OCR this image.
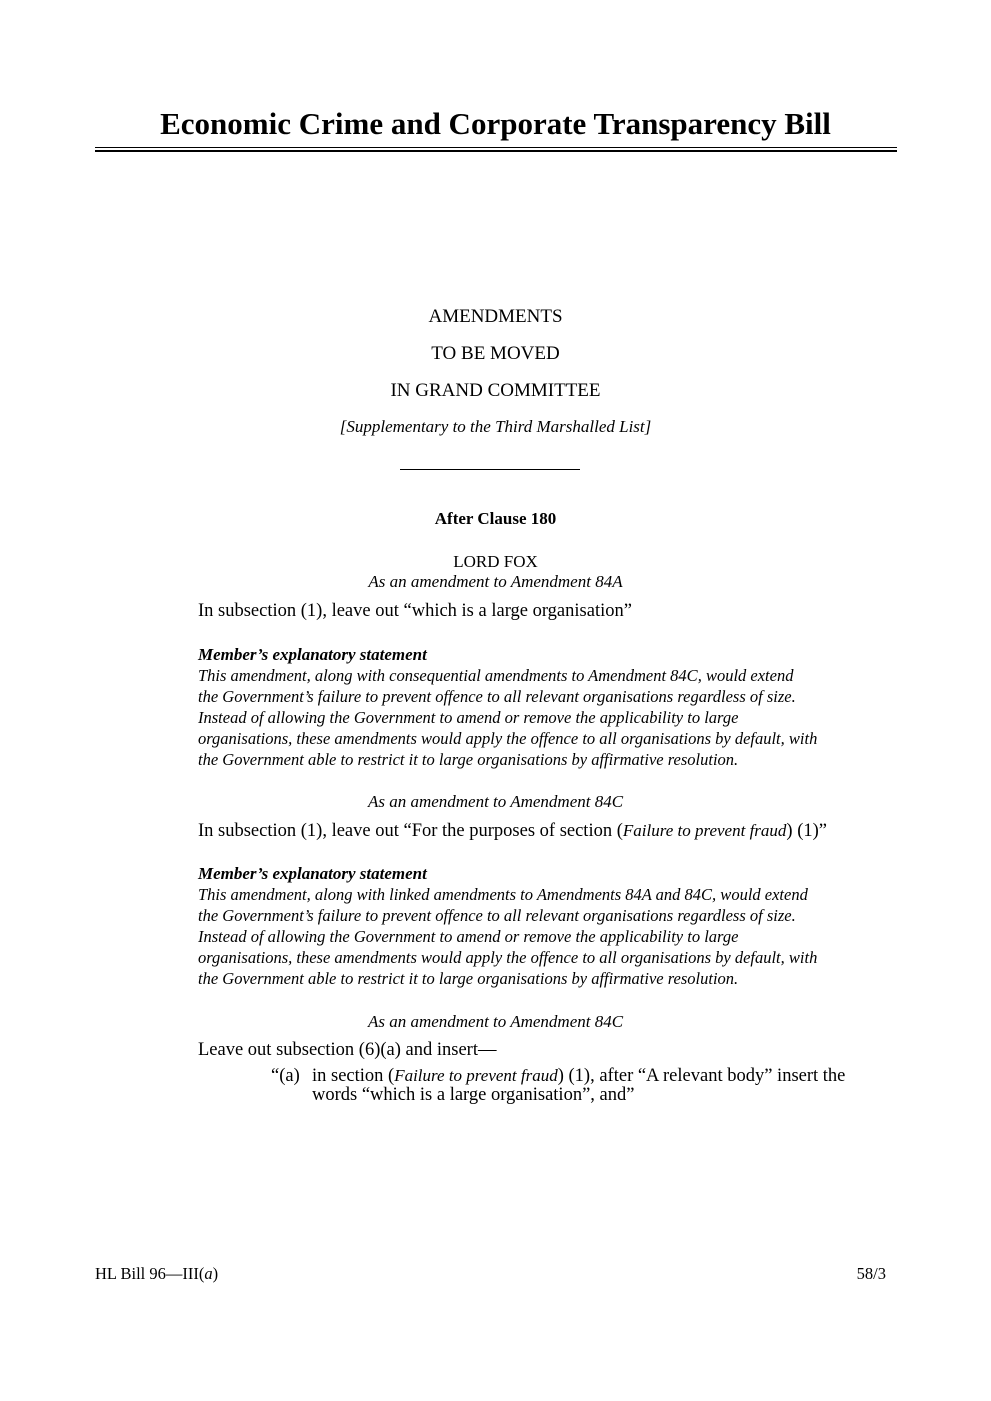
Economic Crime and Corporate Transparency Bill
AMENDMENTS
TO BE MOVED
IN GRAND COMMITTEE
[Supplementary to the Third Marshalled List]
After Clause 180
LORD FOX
As an amendment to Amendment 84A
In subsection (1), leave out “which is a large organisation”
Member’s explanatory statement
This amendment, along with consequential amendments to Amendment 84C, would extend
the Government’s failure to prevent offence to all relevant organisations regardless of size.
Instead of allowing the Government to amend or remove the applicability to large
organisations, these amendments would apply the offence to all organisations by default, with
the Government able to restrict it to large organisations by affirmative resolution.
As an amendment to Amendment 84C
In subsection (1), leave out “For the purposes of section (Failure to prevent fraud) (1)”
Member’s explanatory statement
This amendment, along with linked amendments to Amendments 84A and 84C, would extend
the Government’s failure to prevent offence to all relevant organisations regardless of size.
Instead of allowing the Government to amend or remove the applicability to large
organisations, these amendments would apply the offence to all organisations by default, with
the Government able to restrict it to large organisations by affirmative resolution.
As an amendment to Amendment 84C
Leave out subsection (6)(a) and insert—
“(a) in section (Failure to prevent fraud) (1), after “A relevant body” insert the
words “which is a large organisation”, and”
HL Bill 96—III(a)	58/3
